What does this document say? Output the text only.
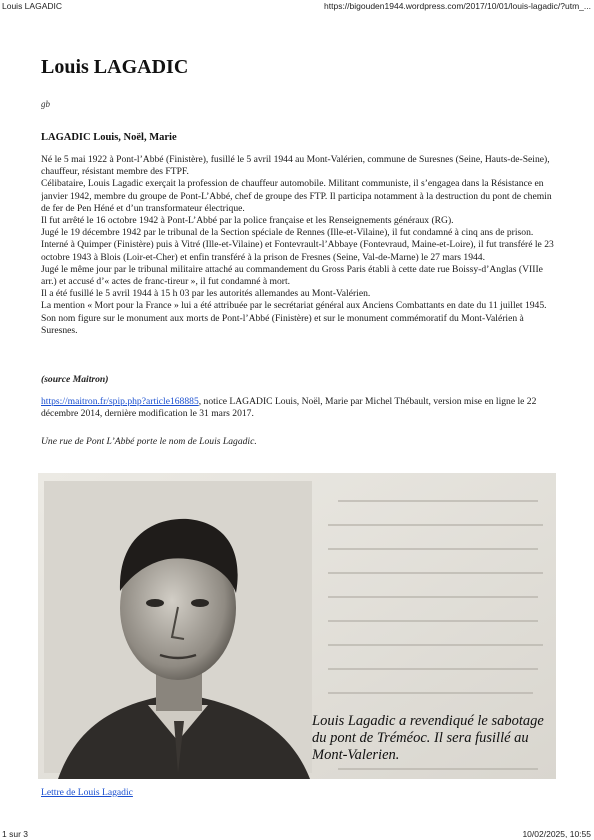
Louis LAGADIC	https://bigouden1944.wordpress.com/2017/10/01/louis-lagadic/?utm_...
Louis LAGADIC
gb
LAGADIC Louis, Noël, Marie

Né le 5 mai 1922 à Pont-l’Abbé (Finistère), fusillé le 5 avril 1944 au Mont-Valérien, commune de Suresnes (Seine, Hauts-de-Seine), chauffeur, résistant membre des FTPF.

Célibataire, Louis Lagadic exerçait la profession de chauffeur automobile. Militant communiste, il s’engagea dans la Résistance en janvier 1942, membre du groupe de Pont-L’Abbé, chef de groupe des FTP. Il participa notamment à la destruction du pont de chemin de fer de Pen Héné et d’un transformateur électrique.

Il fut arrêté le 16 octobre 1942 à Pont-L’Abbé par la police française et les Renseignements généraux (RG).

Jugé le 19 décembre 1942 par le tribunal de la Section spéciale de Rennes (Ille-et-Vilaine), il fut condamné à cinq ans de prison.

Interné à Quimper (Finistère) puis à Vitré (Ille-et-Vilaine) et Fontevrault-l’Abbaye (Fontevraud, Maine-et-Loire), il fut transféré le 23 octobre 1943 à Blois (Loir-et-Cher) et enfin transféré à la prison de Fresnes (Seine, Val-de-Marne) le 27 mars 1944.

Jugé le même jour par le tribunal militaire attaché au commandement du Gross Paris établi à cette date rue Boissy-d’Anglas (VIIIe arr.) et accusé d’« actes de franc-tireur », il fut condamné à mort.

Il a été fusillé le 5 avril 1944 à 15 h 03 par les autorités allemandes au Mont-Valérien.

La mention « Mort pour la France » lui a été attribuée par le secrétariat général aux Anciens Combattants en date du 11 juillet 1945. Son nom figure sur le monument aux morts de Pont-l’Abbé (Finistère) et sur le monument commémoratif du Mont-Valérien à Suresnes.

(source Maitron)
https://maitron.fr/spip.php?article168885, notice LAGADIC Louis, Noël, Marie par Michel Thébault, version mise en ligne le 22 décembre 2014, dernière modification le 31 mars 2017.
Une rue de Pont L’Abbé porte le nom de Louis Lagadic.
Louis Lagadic a revendiqué le sabotage du pont de Tréméoc. Il sera fusillé au Mont-Valerien.
Lettre de Louis Lagadic
1 sur 3	10/02/2025, 10:55
